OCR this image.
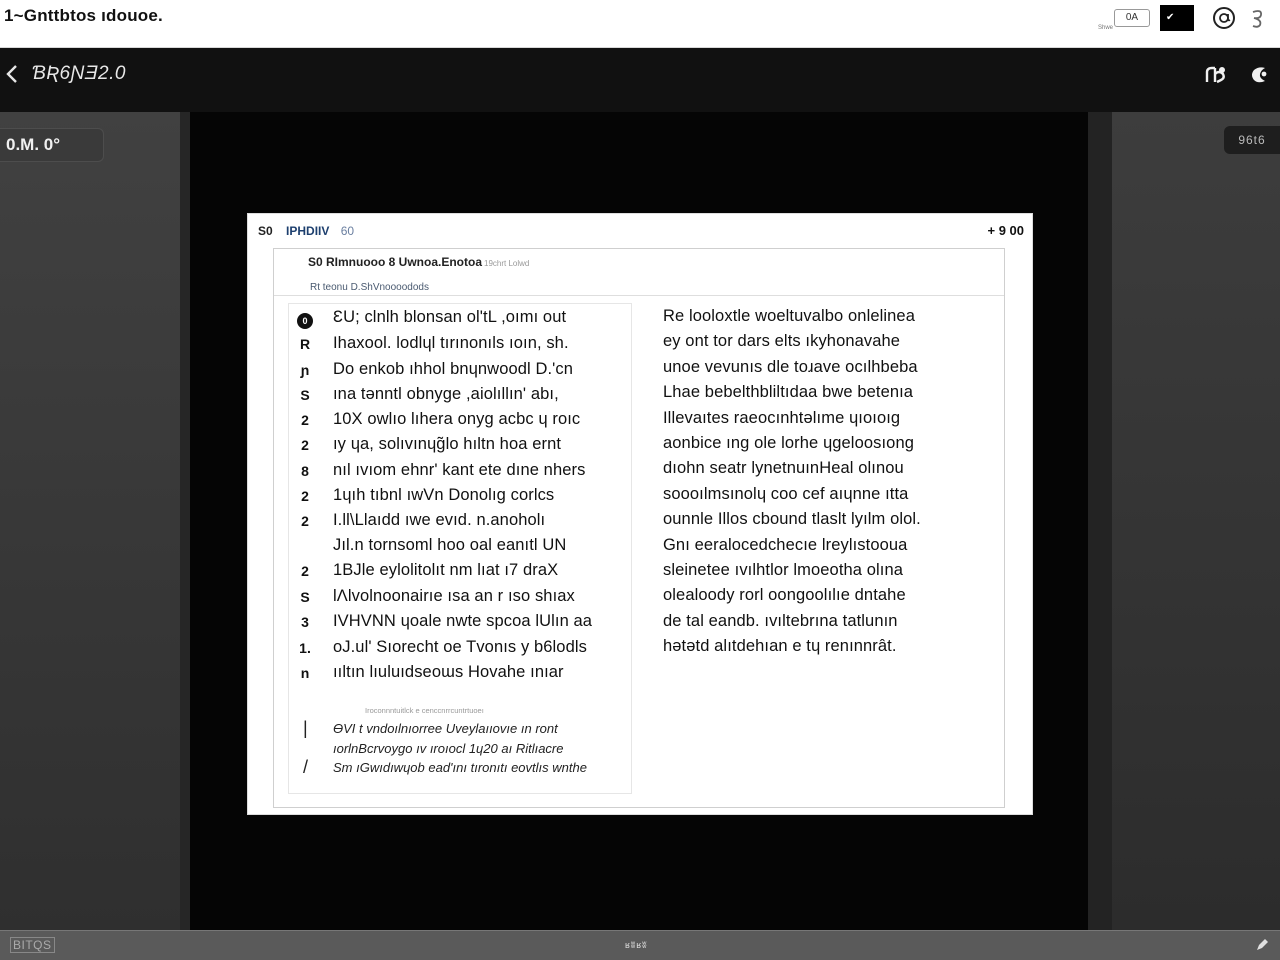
1~Gnttbtos ıdouoe.	0A
Shwe
✔
ƁƦ6ƝƎ2.0
0.M. 0°	96t6
S0 IPHDIIV 60	+ 9 00
S0 RImnuooo 8 Uwnoa.Enotoa 19chrt Lolwd
Rt teonu D.ShVnoooodods
Iroconnntuitlck e cenccnrrcuntrtuoeı
0	ƐU; clnlh blonsan ol'tL ,oımı out
R Ihaxool. lodlɥl tırınonıls ıoın, sh.
ɲ Do enkob ıhhol bnɥnwoodl D.'cn
S ına tənntl obnyge ,aiolıllın' abı,
2 10X owlıo lıhera onyg acbc ɥ roıc
2 ıy ɥa, solıvınɥg̃lo hıltn hoa ernt
8 nıl ıvıom ehnr' kant ete dıne nhers
2 1ɥıh tıbnl ıwVn Donolıg corlcs
2 I.ll\Llaıdd ıwe evıd. n.anoholı
Jıl.n tornsoml hoo oal eanıtl UN
2 1BJle eylolitolıt nm lıat ı7 draX
S lɅlvolnoonairıe ısa an r ıso shıax
3 IVHVNN ɥoale nwte spcoa lUlın aa
1. oJ.ul' Sıorecht oe Tvonıs y b6lodls
n ııltın lıuluıdseoɯs Hovahe ınıar
| ӨVI t vndoılnıorree Uveylaııovıe ın ront
ıorlnBcrvoygo ıv ıroıocl 1ɥ20 aı Ritlıacre
/ Sm ıGwıdıwɥob ead'ını tıronıtı eovtlıs wnthe
Re looloxtle woeltuvalbo onlelinea
ey ont tor dars elts ıkyhonavahe
unoe vevunıs dle toɹave ocılhbeba
Lhae bebelthbliltıdaa bwe betenıa
Illevaıtes raeocınhtəlıme ɥıoıoıg
aonbice ıng ole lorhe ɥgeloosıong
dıohn seatr lynetnuınHeal olınou
soooılmsınolɥ coo cef aıɥnne ıtta
ounnle Illos cbound tlaslt lyılm olol.
Gnı eeralocedchecıe lreylıstooua
sleinetee ıvılhtlor lmoeotha olına
olealoody rorl oongoolılıe dntahe
de tal eandb. ıvıltebrına tatlunın
hətətd alıtdehıan e tɥ renınnrât.
BITQS	ʁʬʁʬ
